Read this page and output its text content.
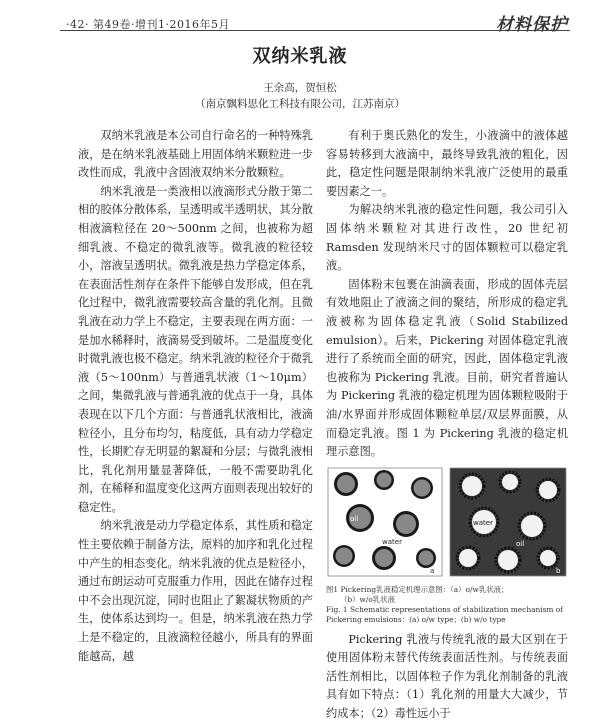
·42· 第49卷·增刊1·2016年5月	材料保护
双纳米乳液
王余高，贺恒松
（南京飘料思化工科技有限公司，江苏南京）

双纳米乳液是本公司自行命名的一种特殊乳液，是在纳米乳液基础上用固体纳米颗粒进一步改性而成，乳液中含固液双纳米分散颗粒。

纳米乳液是一类液相以液滴形式分散于第二相的胶体分散体系，呈透明或半透明状，其分散相液滴粒径在 20～500nm 之间，也被称为超细乳液、不稳定的微乳液等。微乳液的粒径较小，溶液呈透明状。微乳液是热力学稳定体系，在表面活性剂存在条件下能够自发形成，但在乳化过程中，微乳液需要较高含量的乳化剂。且微乳液在动力学上不稳定，主要表现在两方面：一是加水稀释时，液滴易受到破坏。二是温度变化时微乳液也极不稳定。纳米乳液的粒径介于微乳液（5～100nm）与普通乳状液（1～10μm）之间，集微乳液与普通乳液的优点于一身，具体表现在以下几个方面：与普通乳状液相比，液滴粒径小，且分布均匀，粘度低，具有动力学稳定性，长期贮存无明显的絮凝和分层；与微乳液相比，乳化剂用量显著降低，一般不需要助乳化剂，在稀释和温度变化这两方面则表现出较好的稳定性。

纳米乳液是动力学稳定体系，其性质和稳定性主要依赖于制备方法，原料的加序和乳化过程中产生的相态变化。纳米乳液的优点是粒径小，通过布朗运动可克服重力作用，因此在储存过程中不会出现沉淀，同时也阻止了絮凝状物质的产生，使体系达到均一。但是，纳米乳液在热力学上是不稳定的，且液滴粒径越小，所具有的界面能越高，越

有利于奥氏熟化的发生，小液滴中的液体越容易转移到大液滴中，最终导致乳液的粗化，因此，稳定性问题是限制纳米乳液广泛使用的最重要因素之一。

为解决纳米乳液的稳定性问题，我公司引入固体纳米颗粒对其进行改性，20 世纪初 Ramsden 发现纳米尺寸的固体颗粒可以稳定乳液。

固体粉末包裹在油滴表面，形成的固体壳层有效地阻止了液滴之间的聚结，所形成的稳定乳液被称为固体稳定乳液（Solid Stabilized emulsion）。后来，Pickering 对固体稳定乳液进行了系统而全面的研究，因此，固体稳定乳液也被称为 Pickering 乳液。目前，研究者普遍认为 Pickering 乳液的稳定机理为固体颗粒吸附于油/水界面并形成固体颗粒单层/双层界面膜，从而稳定乳液。图 1 为 Pickering 乳液的稳定机理示意图。

oil
water
a
water
oil
b
图1 Pickering乳液稳定机理示意图：（a）o/w乳状液；
（b）w/o乳状液
Fig. 1 Schematic representations of stabilization mechanism of
Pickering emulsions：(a) o/w type；(b) w/o type

Pickering 乳液与传统乳液的最大区别在于使用固体粉末替代传统表面活性剂。与传统表面活性剂相比，以固体粒子作为乳化剂制备的乳液具有如下特点：（1）乳化剂的用量大大减少，节约成本；（2）毒性远小于
